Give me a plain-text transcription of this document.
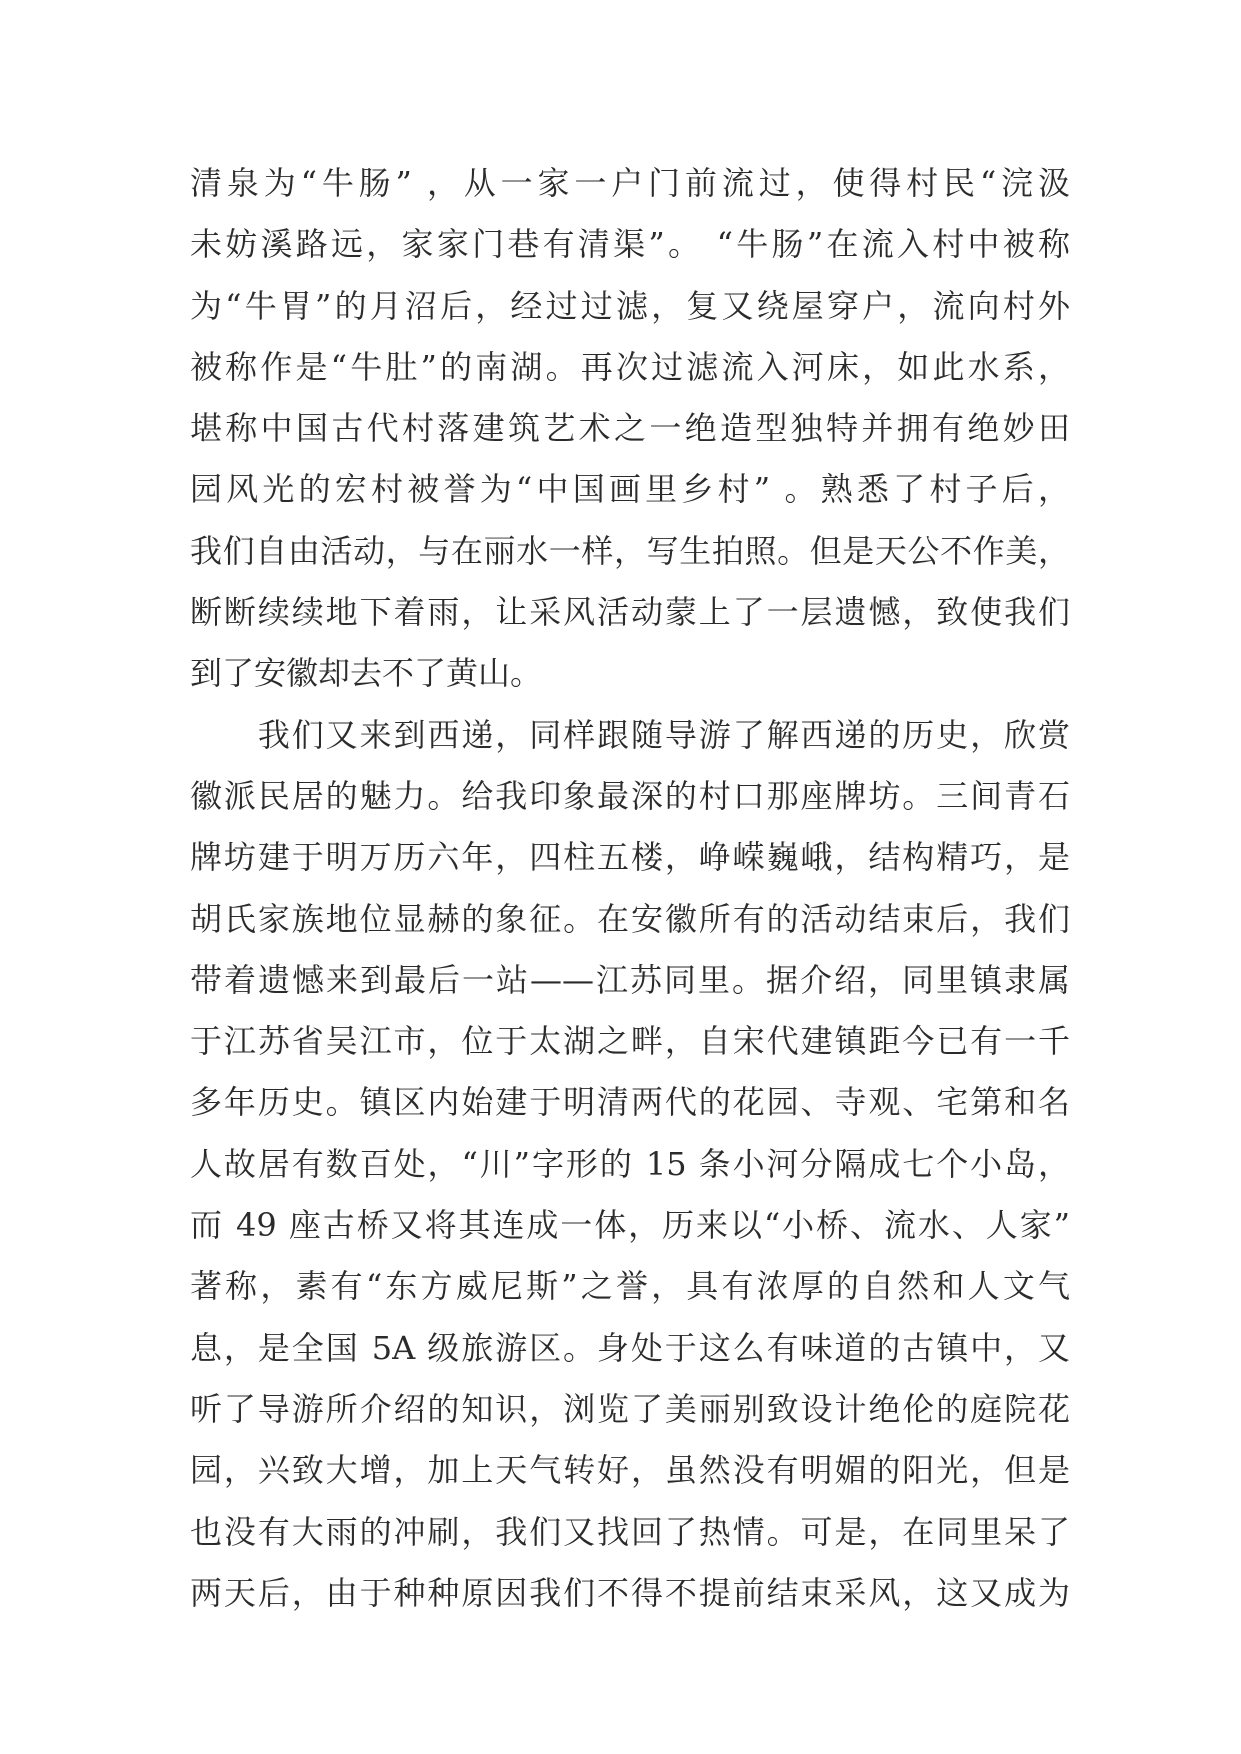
清泉为“牛肠” ，从一家一户门前流过，使得村民“浣汲
未妨溪路远，家家门巷有清渠”。 “牛肠”在流入村中被称
为“牛胃”的月沼后，经过过滤，复又绕屋穿户，流向村外
被称作是“牛肚”的南湖。再次过滤流入河床，如此水系，
堪称中国古代村落建筑艺术之一绝造型独特并拥有绝妙田
园风光的宏村被誉为“中国画里乡村” 。熟悉了村子后，
我们自由活动，与在丽水一样，写生拍照。但是天公不作美，
断断续续地下着雨，让采风活动蒙上了一层遗憾，致使我们
到了安徽却去不了黄山。
　　我们又来到西递，同样跟随导游了解西递的历史，欣赏
徽派民居的魅力。给我印象最深的村口那座牌坊。三间青石
牌坊建于明万历六年，四柱五楼，峥嵘巍峨，结构精巧，是
胡氏家族地位显赫的象征。在安徽所有的活动结束后，我们
带着遗憾来到最后一站——江苏同里。据介绍，同里镇隶属
于江苏省吴江市，位于太湖之畔，自宋代建镇距今已有一千
多年历史。镇区内始建于明清两代的花园、寺观、宅第和名
人故居有数百处，“川”字形的 15 条小河分隔成七个小岛，
而 49 座古桥又将其连成一体，历来以“小桥、流水、人家”
著称，素有“东方威尼斯”之誉，具有浓厚的自然和人文气
息，是全国 5A 级旅游区。身处于这么有味道的古镇中，又
听了导游所介绍的知识，浏览了美丽别致设计绝伦的庭院花
园，兴致大增，加上天气转好，虽然没有明媚的阳光，但是
也没有大雨的冲刷，我们又找回了热情。可是，在同里呆了
两天后，由于种种原因我们不得不提前结束采风，这又成为
